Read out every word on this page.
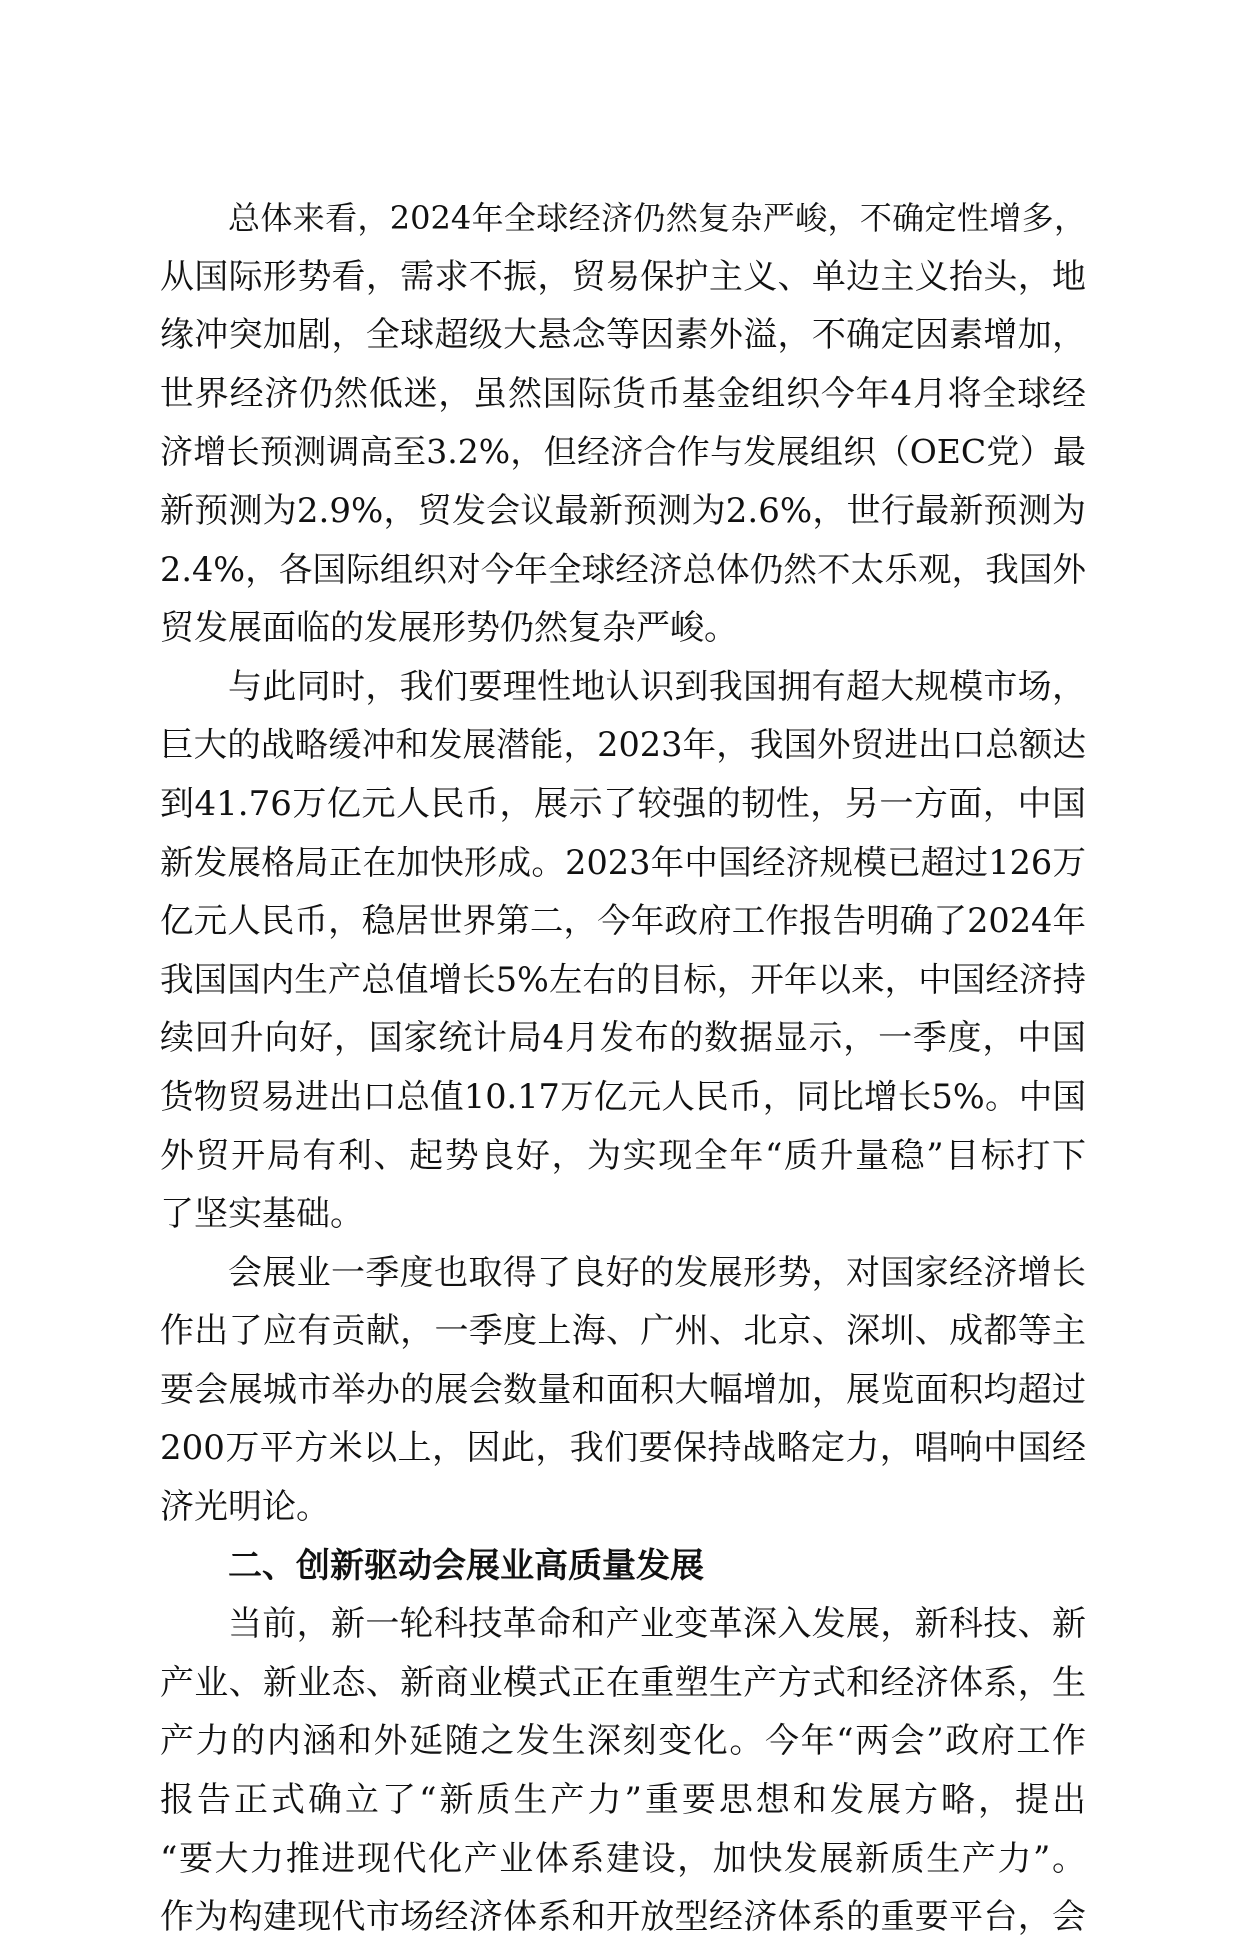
总体来看，2024年全球经济仍然复杂严峻，不确定性增多，
从国际形势看，需求不振，贸易保护主义、单边主义抬头，地
缘冲突加剧，全球超级大悬念等因素外溢，不确定因素增加，
世界经济仍然低迷，虽然国际货币基金组织今年4月将全球经
济增长预测调高至3.2%，但经济合作与发展组织（OEC党）最
新预测为2.9%，贸发会议最新预测为2.6%，世行最新预测为
2.4%，各国际组织对今年全球经济总体仍然不太乐观，我国外
贸发展面临的发展形势仍然复杂严峻。
与此同时，我们要理性地认识到我国拥有超大规模市场，
巨大的战略缓冲和发展潜能，2023年，我国外贸进出口总额达
到41.76万亿元人民币，展示了较强的韧性，另一方面，中国
新发展格局正在加快形成。2023年中国经济规模已超过126万
亿元人民币，稳居世界第二，今年政府工作报告明确了2024年
我国国内生产总值增长5%左右的目标，开年以来，中国经济持
续回升向好，国家统计局4月发布的数据显示，一季度，中国
货物贸易进出口总值10.17万亿元人民币，同比增长5%。中国
外贸开局有利、起势良好，为实现全年“质升量稳”目标打下
了坚实基础。
会展业一季度也取得了良好的发展形势，对国家经济增长
作出了应有贡献，一季度上海、广州、北京、深圳、成都等主
要会展城市举办的展会数量和面积大幅增加，展览面积均超过
200万平方米以上，因此，我们要保持战略定力，唱响中国经
济光明论。
二、创新驱动会展业高质量发展
当前，新一轮科技革命和产业变革深入发展，新科技、新
产业、新业态、新商业模式正在重塑生产方式和经济体系，生
产力的内涵和外延随之发生深刻变化。今年“两会”政府工作
报告正式确立了“新质生产力”重要思想和发展方略，提出
“要大力推进现代化产业体系建设，加快发展新质生产力”。
作为构建现代市场经济体系和开放型经济体系的重要平台，会
